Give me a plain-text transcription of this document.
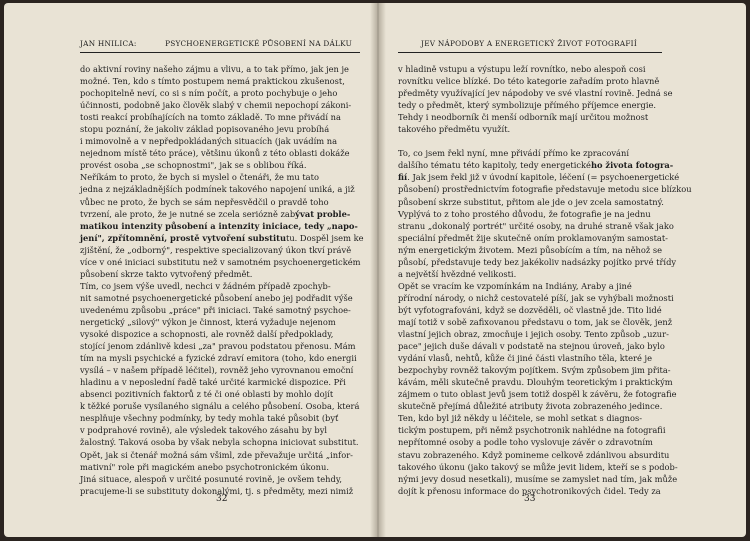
JAN HNILICA:	PSYCHOENERGETICKÉ PŮSOBENÍ NA DÁLKU
do aktivní roviny našeho zájmu a vlivu, a to tak přímo, jak jen je
možné. Ten, kdo s tímto postupem nemá praktickou zkušenost,
pochopitelně neví, co si s ním počít, a proto pochybuje o jeho
účinnosti, podobně jako člověk slabý v chemii nepochopí zákoni-
tosti reakcí probíhajících na tomto základě. To mne přivádí na
stopu poznání, že jakoliv základ popisovaného jevu probíhá
i mimovolně a v nepředpokládaných situacích (jak uvádím na
nejednom místě této práce), většinu úkonů z této oblasti dokáže
provést osoba „se schopnostmi", jak se s oblibou říká.
Neříkám to proto, že bych si myslel o čtenáři, že mu tato
jedna z nejzákladnějších podmínek takového napojení uniká, a již
vůbec ne proto, že bych se sám nepřesvědčil o pravdě toho
tvrzení, ale proto, že je nutné se zcela seriózně zabývat proble-
matikou intenzity působení a intenzity iniciace, tedy „napo-
jení", zpřítomnění, prostě vytvoření substitutu. Dospěl jsem ke
zjištění, že „odborný", respektive specializovaný úkon tkví právě
více v oné iniciaci substitutu než v samotném psychoenergetickém
působení skrze takto vytvořený předmět.
Tím, co jsem výše uvedl, nechci v žádném případě zpochyb-
nit samotné psychoenergetické působení anebo jej podřadit výše
uvedenému způsobu „práce" při iniciaci. Také samotný psychoe-
nergetický „silový" výkon je činnost, která vyžaduje nejenom
vysoké dispozice a schopnosti, ale rovněž další předpoklady,
stojící jenom zdánlivě kdesi „za" pravou podstatou přenosu. Mám
tím na mysli psychické a fyzické zdraví emitora (toho, kdo energii
vysílá – v našem případě léčitel), rovněž jeho vyrovnanou emoční
hladinu a v neposlední řadě také určité karmické dispozice. Při
absenci pozitivních faktorů z té či oné oblasti by mohlo dojít
k těžké poruše vysílaného signálu a celého působení. Osoba, která
nesplňuje všechny podmínky, by tedy mohla také působit (byť
v podprahové rovině), ale výsledek takového zásahu by byl
žalostný. Taková osoba by však nebyla schopna iniciovat substitut.
Opět, jak si čtenář možná sám všiml, zde převažuje určitá „infor-
mativní" role při magickém anebo psychotronickém úkonu.
Jiná situace, alespoň v určité posunuté rovině, je ovšem tehdy,
pracujeme-li se substituty dokonalými, tj. s předměty, mezi nimiž
32
JEV NÁPODOBY A ENERGETICKÝ ŽIVOT FOTOGRAFIÍ
v hladině vstupu a výstupu leží rovnítko, nebo alespoň cosi
rovnítku velice blízké. Do této kategorie zařadím proto hlavně
předměty využívající jev nápodoby ve své vlastní rovině. Jedná se
tedy o předmět, který symbolizuje přímého příjemce energie.
Tehdy i neodborník či menší odborník mají určitou možnost
takového předmětu využít.
To, co jsem řekl nyní, mne přivádí přímo ke zpracování
dalšího tématu této kapitoly, tedy energetického života fotogra-
fií. Jak jsem řekl již v úvodní kapitole, léčení (= psychoenergetické
působení) prostřednictvím fotografie představuje metodu sice blízkou
působení skrze substitut, přitom ale jde o jev zcela samostatný.
Vyplývá to z toho prostého důvodu, že fotografie je na jednu
stranu „dokonalý portrét" určité osoby, na druhé straně však jako
speciální předmět žije skutečně oním proklamovaným samostat-
ným energetickým životem. Mezi působícím a tím, na něhož se
působí, představuje tedy bez jakékoliv nadsázky pojítko prvé třídy
a největší hvězdné velikosti.
Opět se vracím ke vzpomínkám na Indiány, Araby a jiné
přírodní národy, o nichž cestovatelé píší, jak se vyhýbali možnosti
být vyfotografováni, když se dozvěděli, oč vlastně jde. Tito lidé
mají totiž v sobě zafixovanou představu o tom, jak se člověk, jenž
vlastní jejich obraz, zmocňuje i jejich osoby. Tento způsob „uzur-
pace" jejich duše dávali v podstatě na stejnou úroveň, jako bylo
vydání vlasů, nehtů, kůže či jiné části vlastního těla, které je
bezpochyby rovněž takovým pojítkem. Svým způsobem jim přita-
kávám, měli skutečně pravdu. Dlouhým teoretickým i praktickým
zájmem o tuto oblast jevů jsem totiž dospěl k závěru, že fotografie
skutečně přejímá důležité atributy života zobrazeného jedince.
Ten, kdo byl již někdy u léčitele, se mohl setkat s diagnos-
tickým postupem, při němž psychotronik nahlédne na fotografii
nepřítomné osoby a podle toho vyslovuje závěr o zdravotním
stavu zobrazeného. Když pomineme celkově zdánlivou absurditu
takového úkonu (jako takový se může jevit lidem, kteří se s podob-
nými jevy dosud nesetkali), musíme se zamyslet nad tím, jak může
dojít k přenosu informace do psychotronikových čidel. Tedy za
33
